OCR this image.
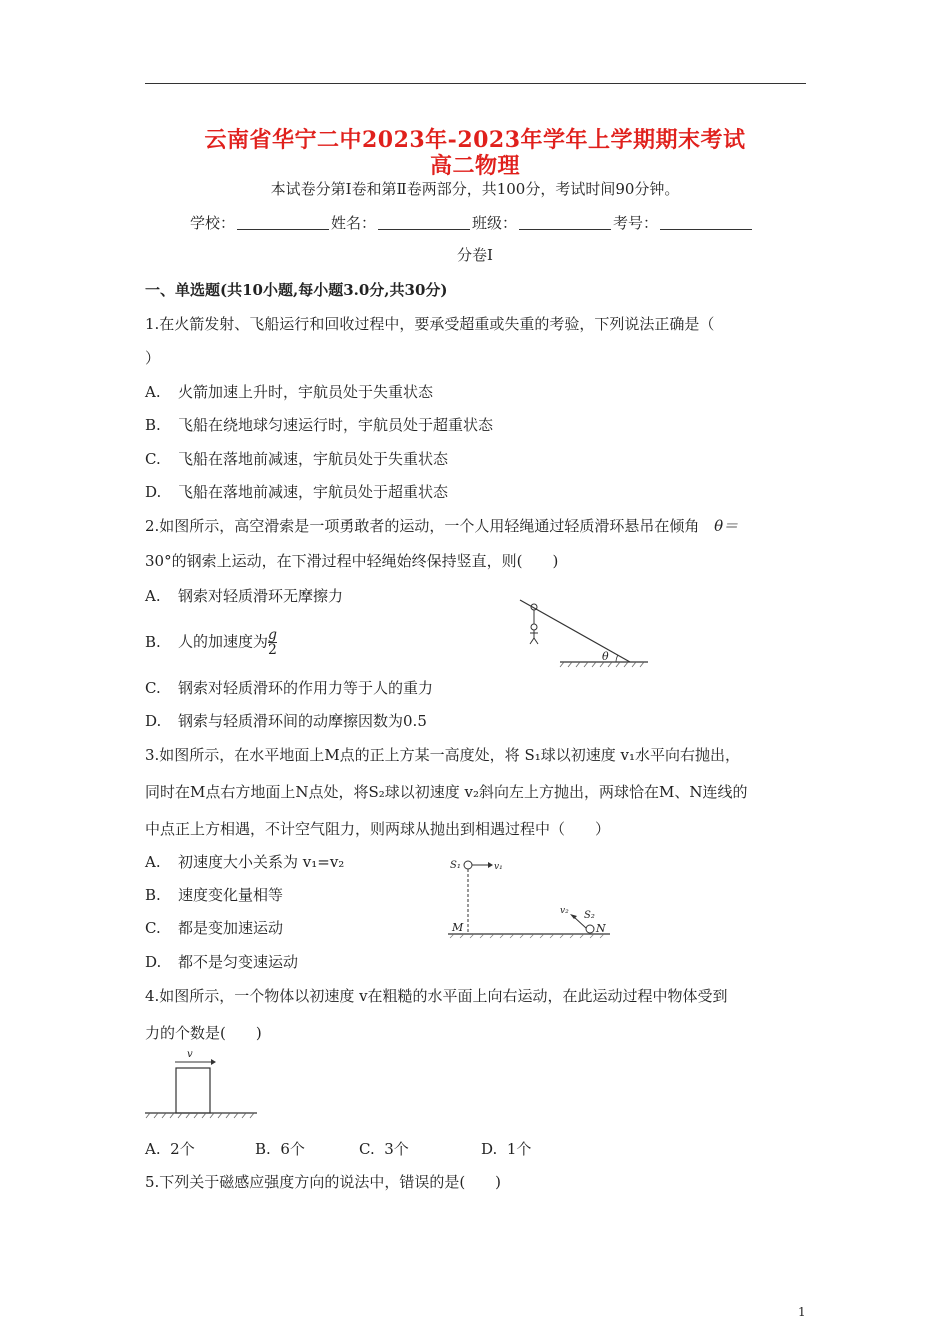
云南省华宁二中2023年-2023年学年上学期期末考试
高二物理
本试卷分第Ⅰ卷和第Ⅱ卷两部分，共100分，考试时间90分钟。
学校：	姓名：	班级：	考号：
分卷Ⅰ
一、单选题(共10小题,每小题3.0分,共30分)
1.在火箭发射、飞船运行和回收过程中，要承受超重或失重的考验，下列说法正确是（
）
A. 火箭加速上升时，宇航员处于失重状态
B. 飞船在绕地球匀速运行时，宇航员处于超重状态
C. 飞船在落地前减速，宇航员处于失重状态
D. 飞船在落地前减速，宇航员处于超重状态
2.如图所示，高空滑索是一项勇敢者的运动，一个人用轻绳通过轻质滑环悬吊在倾角 θ＝
30°的钢索上运动，在下滑过程中轻绳始终保持竖直，则(　　)
A. 钢索对轻质滑环无摩擦力
B. 人的加速度为 $\frac{g}{2}$
C. 钢索对轻质滑环的作用力等于人的重力
D. 钢索与轻质滑环间的动摩擦因数为0.5
θ
3.如图所示，在水平地面上M点的正上方某一高度处，将 S₁球以初速度 v₁水平向右抛出，
同时在M点右方地面上N点处，将S₂球以初速度 v₂斜向左上方抛出，两球恰在M、N连线的
中点正上方相遇，不计空气阻力，则两球从抛出到相遇过程中（　　）
A. 初速度大小关系为 v₁=v₂
B. 速度变化量相等
C. 都是变加速运动
D. 都不是匀变速运动
S₁	v₁
M
v₂ S₂
N
4.如图所示，一个物体以初速度 v在粗糙的水平面上向右运动，在此运动过程中物体受到
力的个数是(　　)
v
A. 2个	B. 6个	C. 3个	D. 1个
5.下列关于磁感应强度方向的说法中，错误的是(　　)
1
